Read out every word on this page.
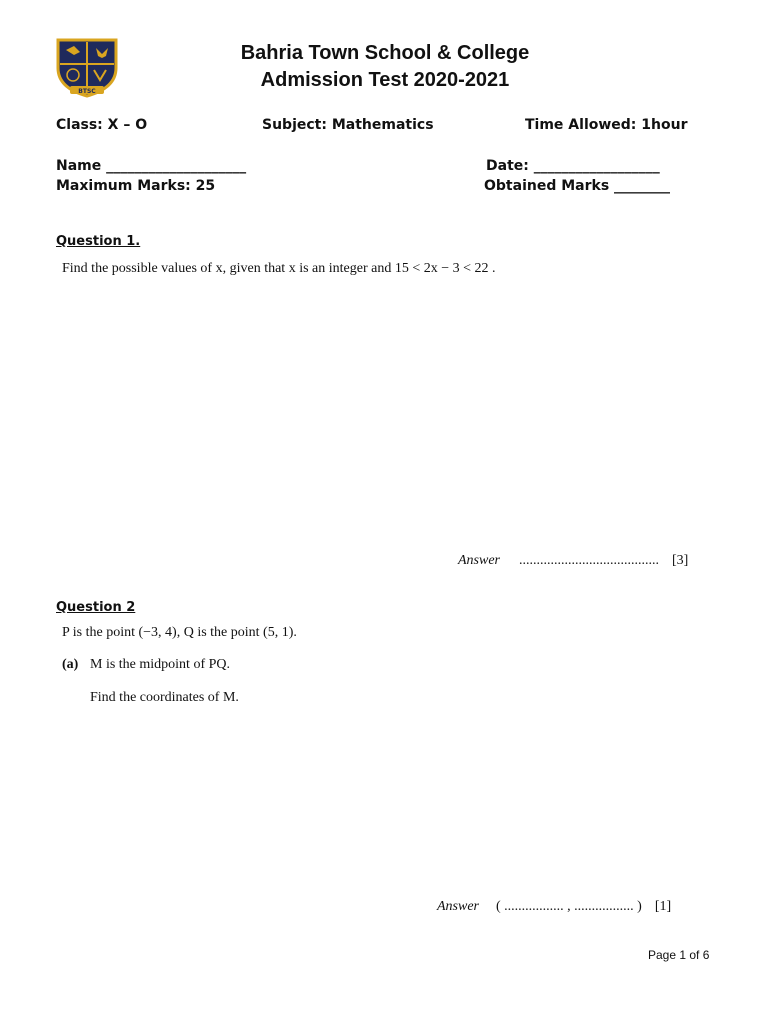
BTSC
Bahria Town School & College
Admission Test 2020-2021
Class: X – O	Subject: Mathematics	Time Allowed: 1hour
Name ____________________	Date: __________________
Maximum Marks: 25	Obtained Marks ________
Question 1.
Find the possible values of x, given that x is an integer and 15 < 2x − 3 < 22 .
Answer ........................................ [3]
Question 2
P is the point (−3, 4), Q is the point (5, 1).
(a) M is the midpoint of PQ.
Find the coordinates of M.
Answer ( ................. , ................. ) [1]
Page 1 of 6
